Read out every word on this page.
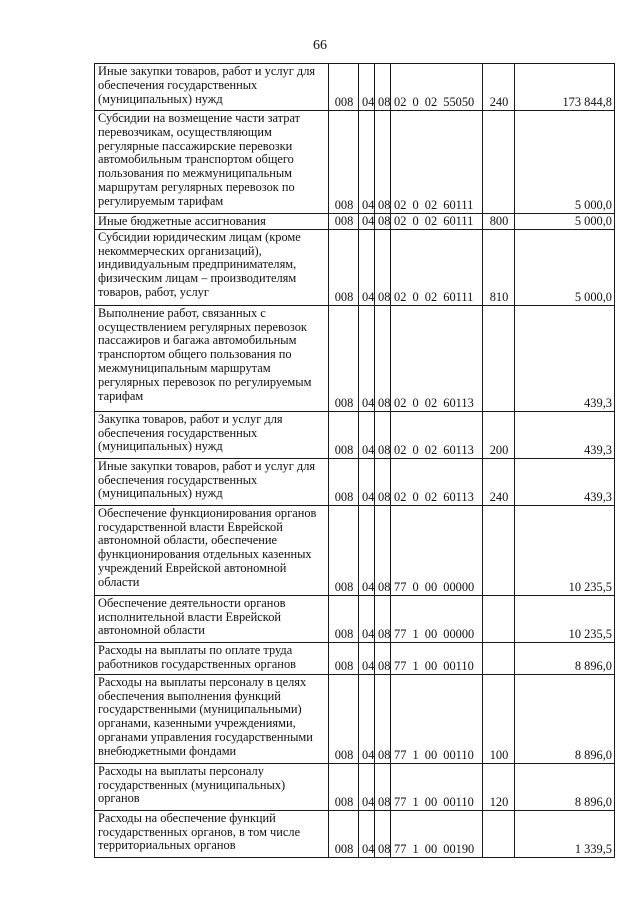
66
Иные закупки товаров, работ и услуг для обеспечения государственных (муниципальных) нужд	008	04	08	02 0 02 55050	240	173 844,8
Субсидии на возмещение части затрат перевозчикам, осуществляющим регулярные пассажирские перевозки автомобильным транспортом общего пользования по межмуниципальным маршрутам регулярных перевозок по регулируемым тарифам	008	04	08	02 0 02 60111		5 000,0
Иные бюджетные ассигнования	008	04	08	02 0 02 60111	800	5 000,0
Субсидии юридическим лицам (кроме некоммерческих организаций), индивидуальным предпринимателям, физическим лицам – производителям товаров, работ, услуг	008	04	08	02 0 02 60111	810	5 000,0
Выполнение работ, связанных с осуществлением регулярных перевозок пассажиров и багажа автомобильным транспортом общего пользования по межмуниципальным маршрутам регулярных перевозок по регулируемым тарифам	008	04	08	02 0 02 60113		439,3
Закупка товаров, работ и услуг для обеспечения государственных (муниципальных) нужд	008	04	08	02 0 02 60113	200	439,3
Иные закупки товаров, работ и услуг для обеспечения государственных (муниципальных) нужд	008	04	08	02 0 02 60113	240	439,3
Обеспечение функционирования органов государственной власти Еврейской автономной области, обеспечение функционирования отдельных казенных учреждений Еврейской автономной области	008	04	08	77 0 00 00000		10 235,5
Обеспечение деятельности органов исполнительной власти Еврейской автономной области	008	04	08	77 1 00 00000		10 235,5
Расходы на выплаты по оплате труда работников государственных органов	008	04	08	77 1 00 00110		8 896,0
Расходы на выплаты персоналу в целях обеспечения выполнения функций государственными (муниципальными) органами, казенными учреждениями, органами управления государственными внебюджетными фондами	008	04	08	77 1 00 00110	100	8 896,0
Расходы на выплаты персоналу государственных (муниципальных) органов	008	04	08	77 1 00 00110	120	8 896,0
Расходы на обеспечение функций государственных органов, в том числе территориальных органов	008	04	08	77 1 00 00190		1 339,5
